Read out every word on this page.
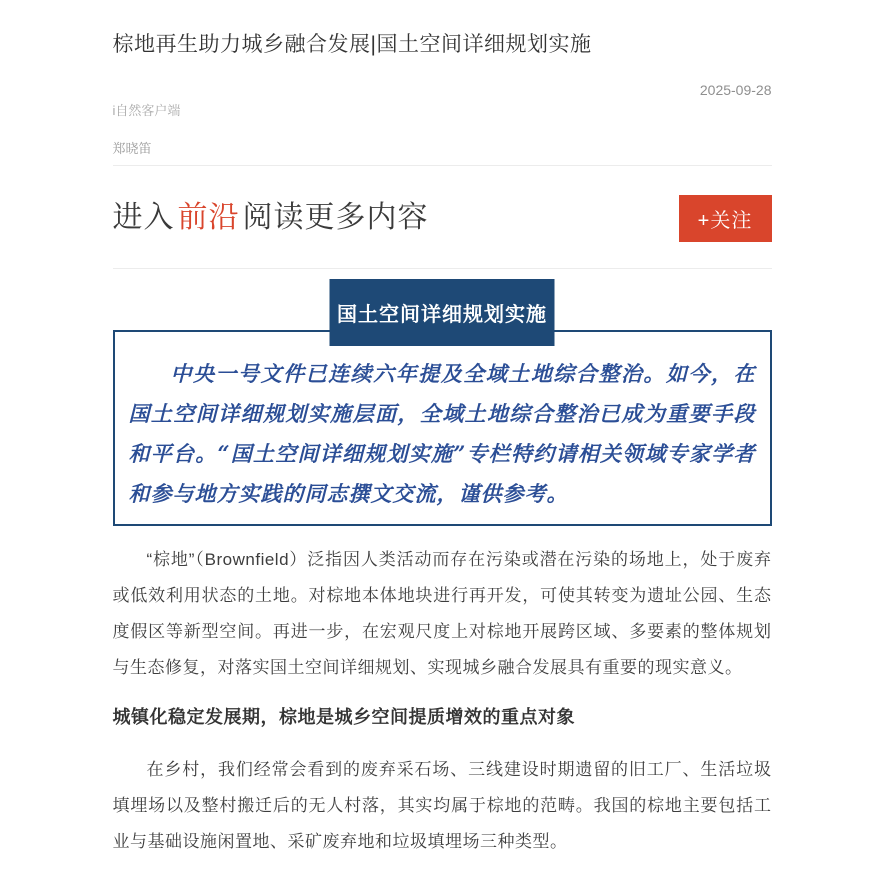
棕地再生助力城乡融合发展|国土空间详细规划实施
2025-09-28
i自然客户端
郑晓笛
进入 前沿 阅读更多内容	+关注
国土空间详细规划实施

中央一号文件已连续六年提及全域土地综合整治。如今，在国土空间详细规划实施层面，全域土地综合整治已成为重要手段和平台。“国土空间详细规划实施”专栏特约请相关领域专家学者和参与地方实践的同志撰文交流，谨供参考。

“棕地”（Brownfield）泛指因人类活动而存在污染或潜在污染的场地上，处于废弃或低效利用状态的土地。对棕地本体地块进行再开发，可使其转变为遗址公园、生态度假区等新型空间。再进一步，在宏观尺度上对棕地开展跨区域、多要素的整体规划与生态修复，对落实国土空间详细规划、实现城乡融合发展具有重要的现实意义。

城镇化稳定发展期，棕地是城乡空间提质增效的重点对象

在乡村，我们经常会看到的废弃采石场、三线建设时期遗留的旧工厂、生活垃圾填埋场以及整村搬迁后的无人村落，其实均属于棕地的范畴。我国的棕地主要包括工业与基础设施闲置地、采矿废弃地和垃圾填埋场三种类型。
